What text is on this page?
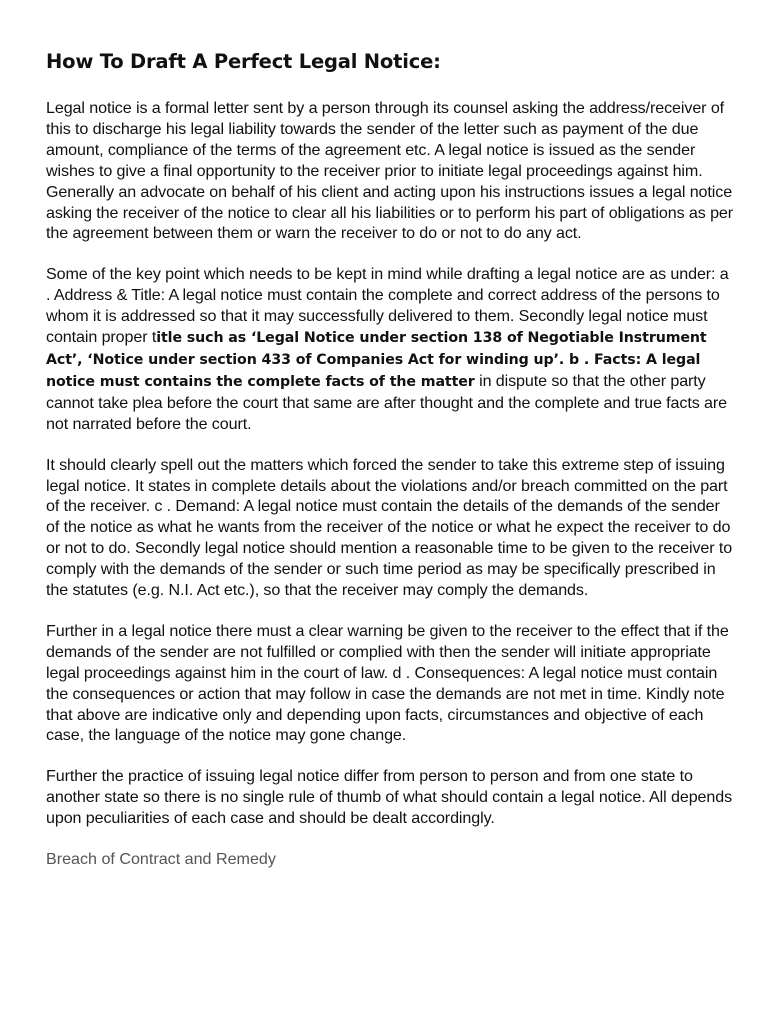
How To Draft A Perfect Legal Notice:

Legal notice is a formal letter sent by a person through its counsel asking the address/receiver of this to discharge his legal liability towards the sender of the letter such as payment of the due amount, compliance of the terms of the agreement etc. A legal notice is issued as the sender wishes to give a final opportunity to the receiver prior to initiate legal proceedings against him. Generally an advocate on behalf of his client and acting upon his instructions issues a legal notice asking the receiver of the notice to clear all his liabilities or to perform his part of obligations as per the agreement between them or warn the receiver to do or not to do any act.

Some of the key point which needs to be kept in mind while drafting a legal notice are as under: a . Address & Title: A legal notice must contain the complete and correct address of the persons to whom it is addressed so that it may successfully delivered to them. Secondly legal notice must contain proper title such as ‘Legal Notice under section 138 of Negotiable Instrument Act’, ‘Notice under section 433 of Companies Act for winding up’. b . Facts: A legal notice must contains the complete facts of the matter in dispute so that the other party cannot take plea before the court that same are after thought and the complete and true facts are not narrated before the court.

It should clearly spell out the matters which forced the sender to take this extreme step of issuing legal notice. It states in complete details about the violations and/or breach committed on the part of the receiver. c . Demand: A legal notice must contain the details of the demands of the sender of the notice as what he wants from the receiver of the notice or what he expect the receiver to do or not to do. Secondly legal notice should mention a reasonable time to be given to the receiver to comply with the demands of the sender or such time period as may be specifically prescribed in the statutes (e.g. N.I. Act etc.), so that the receiver may comply the demands.

Further in a legal notice there must a clear warning be given to the receiver to the effect that if the demands of the sender are not fulfilled or complied with then the sender will initiate appropriate legal proceedings against him in the court of law. d . Consequences: A legal notice must contain the consequences or action that may follow in case the demands are not met in time. Kindly note that above are indicative only and depending upon facts, circumstances and objective of each case, the language of the notice may gone change.

Further the practice of issuing legal notice differ from person to person and from one state to another state so there is no single rule of thumb of what should contain a legal notice. All depends upon peculiarities of each case and should be dealt accordingly.

Breach of Contract and Remedy
